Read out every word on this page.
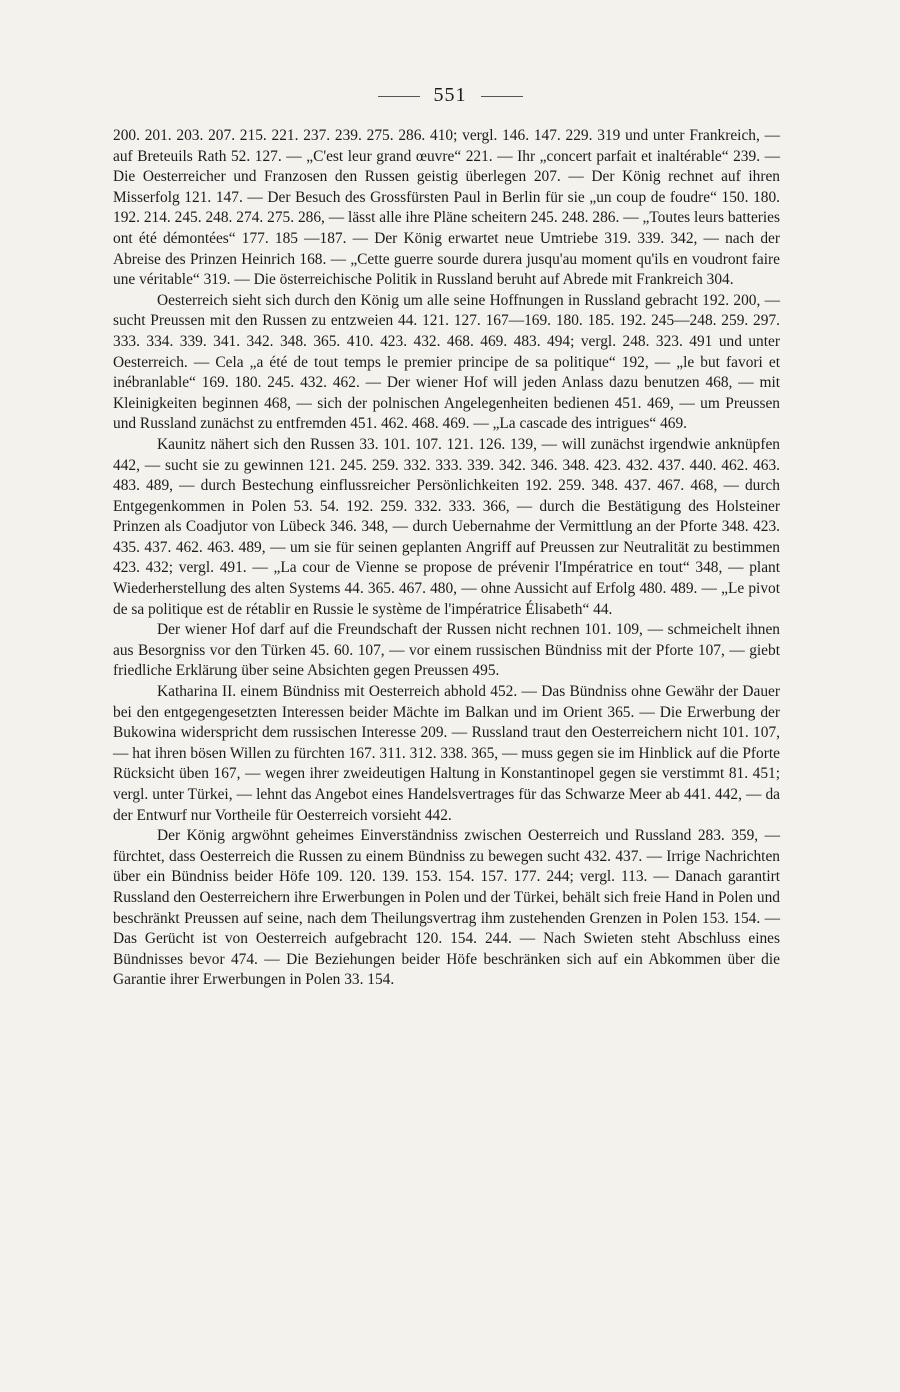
551

200. 201. 203. 207. 215. 221. 237. 239. 275. 286. 410; vergl. 146. 147. 229. 319 und unter Frankreich, — auf Breteuils Rath 52. 127. — „C'est leur grand œuvre“ 221. — Ihr „concert parfait et inaltérable“ 239. — Die Oesterreicher und Franzosen den Russen geistig überlegen 207. — Der König rechnet auf ihren Misserfolg 121. 147. — Der Besuch des Grossfürsten Paul in Berlin für sie „un coup de foudre“ 150. 180. 192. 214. 245. 248. 274. 275. 286, — lässt alle ihre Pläne scheitern 245. 248. 286. — „Toutes leurs batteries ont été démontées“ 177. 185 —187. — Der König erwartet neue Umtriebe 319. 339. 342, — nach der Abreise des Prinzen Heinrich 168. — „Cette guerre sourde durera jusqu'au moment qu'ils en voudront faire une véritable“ 319. — Die österreichische Politik in Russland beruht auf Abrede mit Frankreich 304.

Oesterreich sieht sich durch den König um alle seine Hoffnungen in Russland gebracht 192. 200, — sucht Preussen mit den Russen zu entzweien 44. 121. 127. 167—169. 180. 185. 192. 245—248. 259. 297. 333. 334. 339. 341. 342. 348. 365. 410. 423. 432. 468. 469. 483. 494; vergl. 248. 323. 491 und unter Oesterreich. — Cela „a été de tout temps le premier principe de sa politique“ 192, — „le but favori et inébranlable“ 169. 180. 245. 432. 462. — Der wiener Hof will jeden Anlass dazu benutzen 468, — mit Kleinigkeiten beginnen 468, — sich der polnischen Angelegenheiten bedienen 451. 469, — um Preussen und Russland zunächst zu entfremden 451. 462. 468. 469. — „La cascade des intrigues“ 469.

Kaunitz nähert sich den Russen 33. 101. 107. 121. 126. 139, — will zunächst irgendwie anknüpfen 442, — sucht sie zu gewinnen 121. 245. 259. 332. 333. 339. 342. 346. 348. 423. 432. 437. 440. 462. 463. 483. 489, — durch Bestechung einflussreicher Persönlichkeiten 192. 259. 348. 437. 467. 468, — durch Entgegenkommen in Polen 53. 54. 192. 259. 332. 333. 366, — durch die Bestätigung des Holsteiner Prinzen als Coadjutor von Lübeck 346. 348, — durch Uebernahme der Vermittlung an der Pforte 348. 423. 435. 437. 462. 463. 489, — um sie für seinen geplanten Angriff auf Preussen zur Neutralität zu bestimmen 423. 432; vergl. 491. — „La cour de Vienne se propose de prévenir l'Impératrice en tout“ 348, — plant Wiederherstellung des alten Systems 44. 365. 467. 480, — ohne Aussicht auf Erfolg 480. 489. — „Le pivot de sa politique est de rétablir en Russie le système de l'impératrice Élisabeth“ 44.

Der wiener Hof darf auf die Freundschaft der Russen nicht rechnen 101. 109, — schmeichelt ihnen aus Besorgniss vor den Türken 45. 60. 107, — vor einem russischen Bündniss mit der Pforte 107, — giebt friedliche Erklärung über seine Absichten gegen Preussen 495.

Katharina II. einem Bündniss mit Oesterreich abhold 452. — Das Bündniss ohne Gewähr der Dauer bei den entgegengesetzten Interessen beider Mächte im Balkan und im Orient 365. — Die Erwerbung der Bukowina widerspricht dem russischen Interesse 209. — Russland traut den Oesterreichern nicht 101. 107, — hat ihren bösen Willen zu fürchten 167. 311. 312. 338. 365, — muss gegen sie im Hinblick auf die Pforte Rücksicht üben 167, — wegen ihrer zweideutigen Haltung in Konstantinopel gegen sie verstimmt 81. 451; vergl. unter Türkei, — lehnt das Angebot eines Handelsvertrages für das Schwarze Meer ab 441. 442, — da der Entwurf nur Vortheile für Oesterreich vorsieht 442.

Der König argwöhnt geheimes Einverständniss zwischen Oesterreich und Russland 283. 359, — fürchtet, dass Oesterreich die Russen zu einem Bündniss zu bewegen sucht 432. 437. — Irrige Nachrichten über ein Bündniss beider Höfe 109. 120. 139. 153. 154. 157. 177. 244; vergl. 113. — Danach garantirt Russland den Oesterreichern ihre Erwerbungen in Polen und der Türkei, behält sich freie Hand in Polen und beschränkt Preussen auf seine, nach dem Theilungsvertrag ihm zustehenden Grenzen in Polen 153. 154. — Das Gerücht ist von Oesterreich aufgebracht 120. 154. 244. — Nach Swieten steht Abschluss eines Bündnisses bevor 474. — Die Beziehungen beider Höfe beschränken sich auf ein Abkommen über die Garantie ihrer Erwerbungen in Polen 33. 154.
